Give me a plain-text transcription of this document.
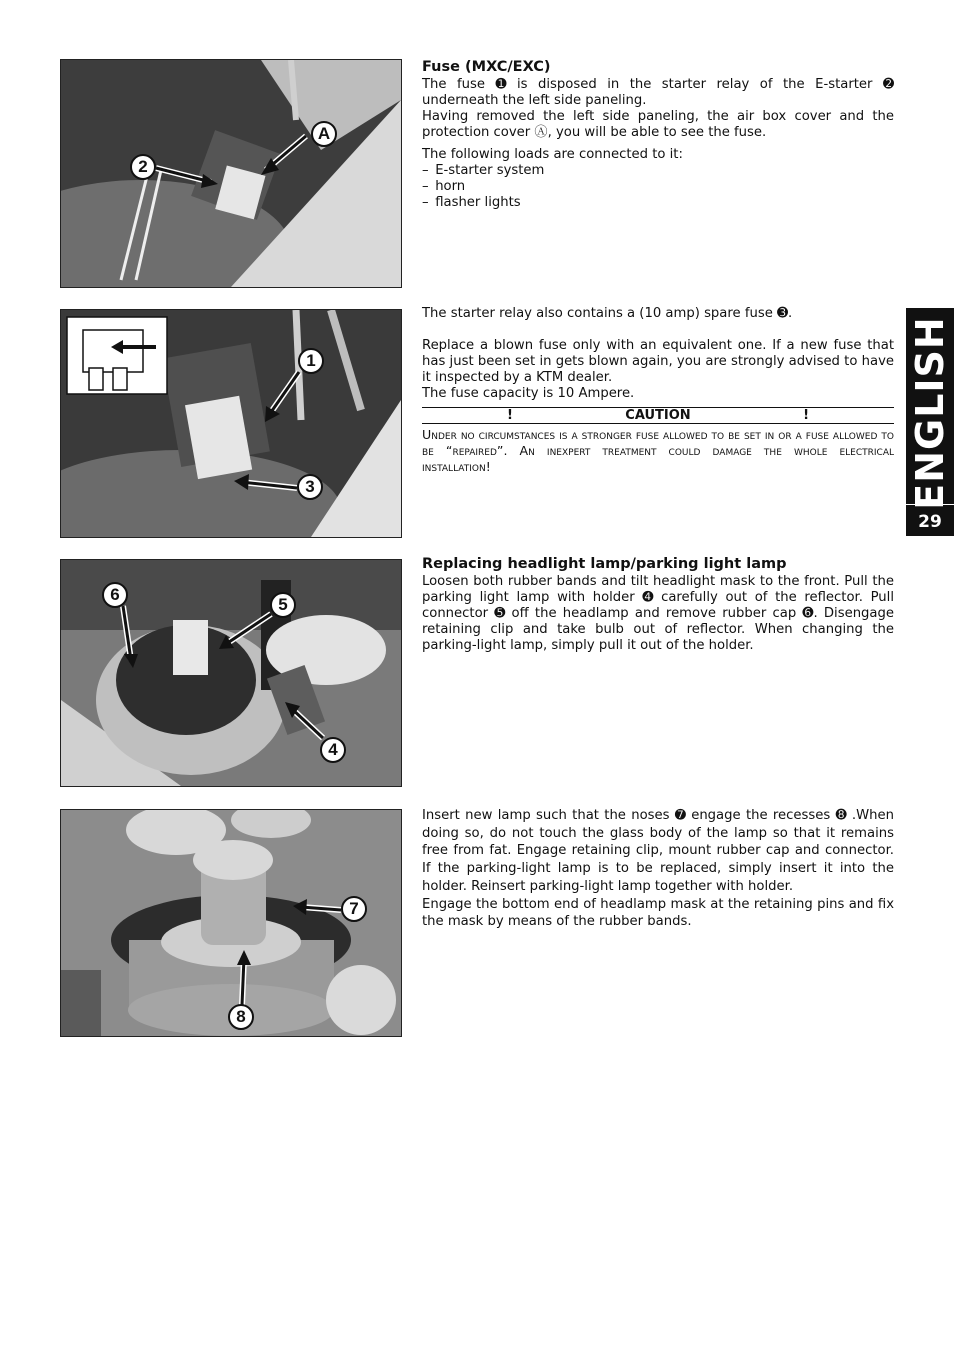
A
2

Fuse (MXC/EXC)

The fuse ➊ is disposed in the starter relay of the E-starter ➋ underneath the left side paneling.

Having removed the left side paneling, the air box cover and the protection cover Ⓐ, you will be able to see the fuse.

The following loads are connected to it:

– E-starter system
– horn
– flasher lights
1
3

The starter relay also contains a (10 amp) spare fuse ➌.

Replace a blown fuse only with an equivalent one. If a new fuse that has just been set in gets blown again, you are strongly advised to have it inspected by a KTM dealer.

The fuse capacity is 10 Ampere.

!	CAUTION	!

Under no circumstances is a stronger fuse allowed to be set in or a fuse allowed to be “repaired”. An inexpert treatment could damage the whole electrical installation!	ENGLISH
29
6
5
4

Replacing headlight lamp/parking light lamp

Loosen both rubber bands and tilt headlight mask to the front. Pull the parking light lamp with holder ➍ carefully out of the reflector. Pull connector ➎ off the headlamp and remove rubber cap ➏. Disengage retaining clip and take bulb out of reflector. When changing the parking-light lamp, simply pull it out of the holder.

7
8

Insert new lamp such that the noses ➐ engage the recesses ➑ .When doing so, do not touch the glass body of the lamp so that it remains free from fat. Engage retaining clip, mount rubber cap and connector. If the parking-light lamp is to be replaced, simply insert it into the holder. Reinsert parking-light lamp together with holder.

Engage the bottom end of headlamp mask at the retaining pins and fix the mask by means of the rubber bands.
